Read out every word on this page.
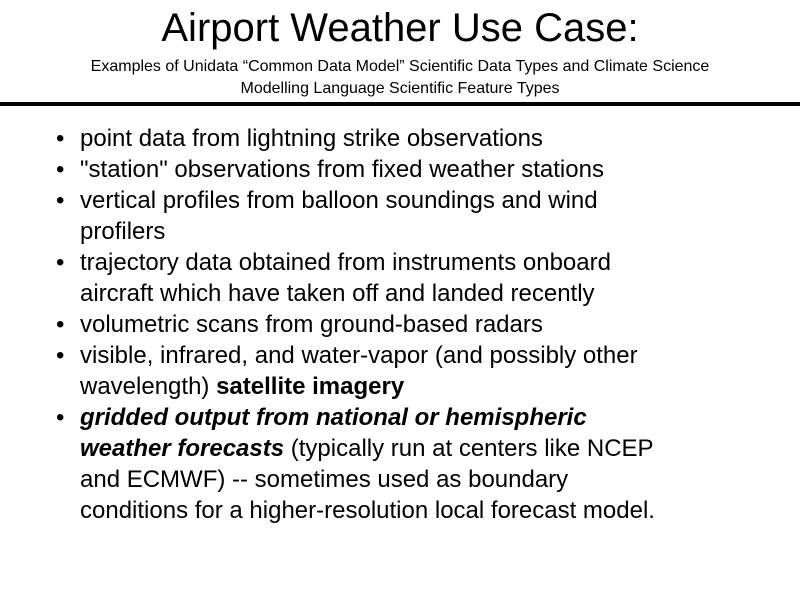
Airport Weather Use Case:
Examples of Unidata “Common Data Model” Scientific Data Types and Climate Science
Modelling Language Scientific Feature Types
• point data from lightning strike observations
• "station" observations from fixed weather stations
• vertical profiles from balloon soundings and wind
profilers
• trajectory data obtained from instruments onboard
aircraft which have taken off and landed recently
• volumetric scans from ground-based radars
• visible, infrared, and water-vapor (and possibly other
wavelength) satellite imagery
• gridded output from national or hemispheric
weather forecasts (typically run at centers like NCEP
and ECMWF) -- sometimes used as boundary
conditions for a higher-resolution local forecast model.
